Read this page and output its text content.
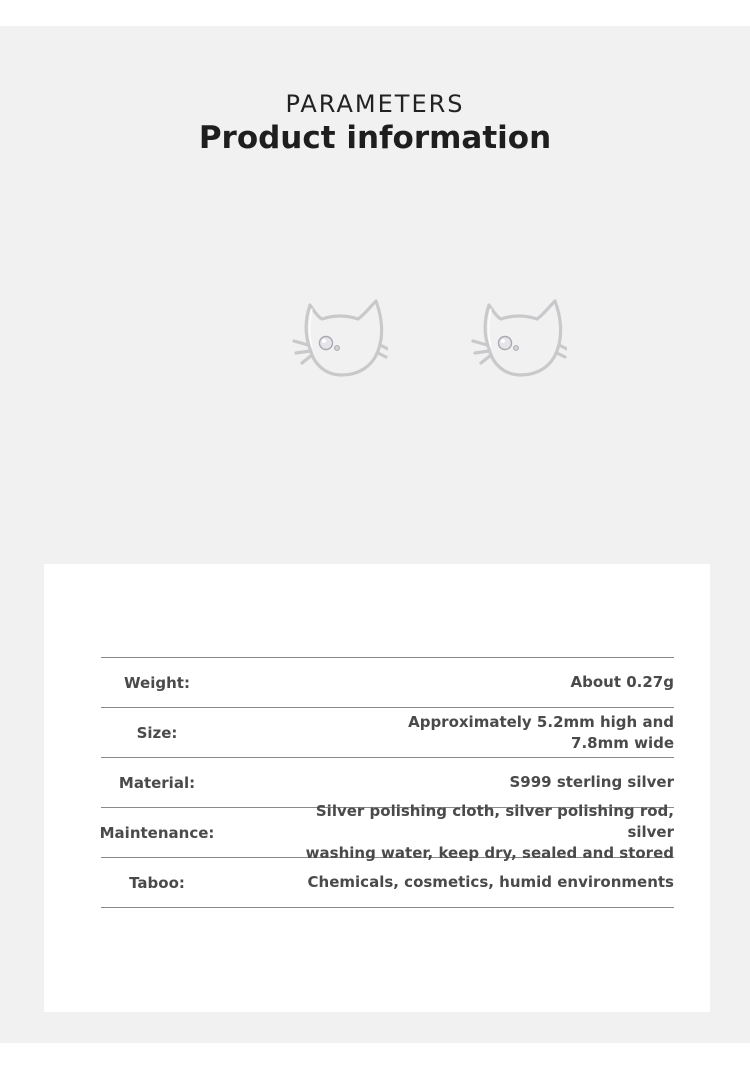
PARAMETERS
Product information
Weight:	About 0.27g
Size:
Approximately 5.2mm high and
7.8mm wide
Material:	S999 sterling silver
Maintenance:
Silver polishing cloth, silver polishing rod, silver
washing water, keep dry, sealed and stored
Taboo:	Chemicals, cosmetics, humid environments
